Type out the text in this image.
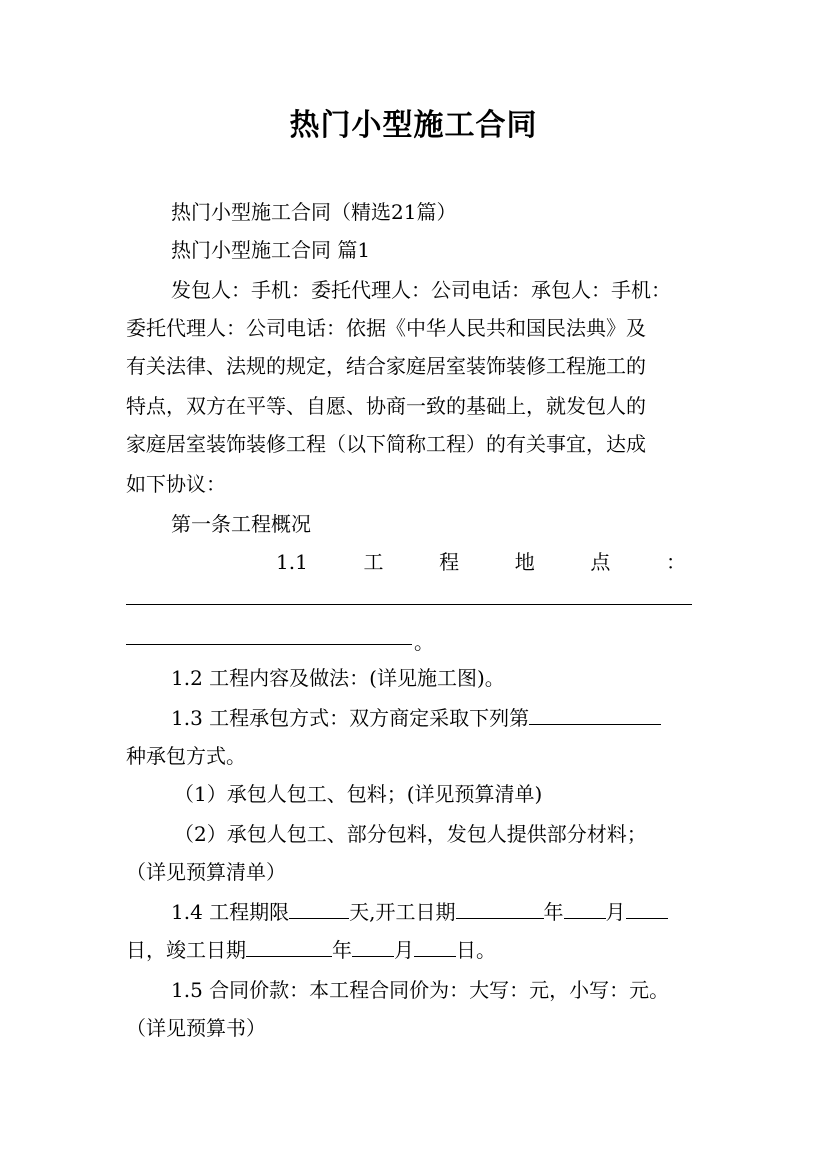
热门小型施工合同
热门小型施工合同（精选21篇）
热门小型施工合同 篇1
发包人：手机：委托代理人：公司电话：承包人：手机：
委托代理人：公司电话：依据《中华人民共和国民法典》及
有关法律、法规的规定，结合家庭居室装饰装修工程施工的
特点，双方在平等、自愿、协商一致的基础上，就发包人的
家庭居室装饰装修工程（以下简称工程）的有关事宜，达成
如下协议：
第一条工程概况
1.1	工	程	地	点	：
。
1.2 工程内容及做法：(详见施工图)。
1.3 工程承包方式：双方商定采取下列第
种承包方式。
（1）承包人包工、包料；(详见预算清单)
（2）承包人包工、部分包料，发包人提供部分材料；
（详见预算清单）
1.4 工程期限	天,开工日期	年 月
日，竣工日期	年 月 日。
1.5 合同价款：本工程合同价为：大写：元，小写：元。
（详见预算书）
